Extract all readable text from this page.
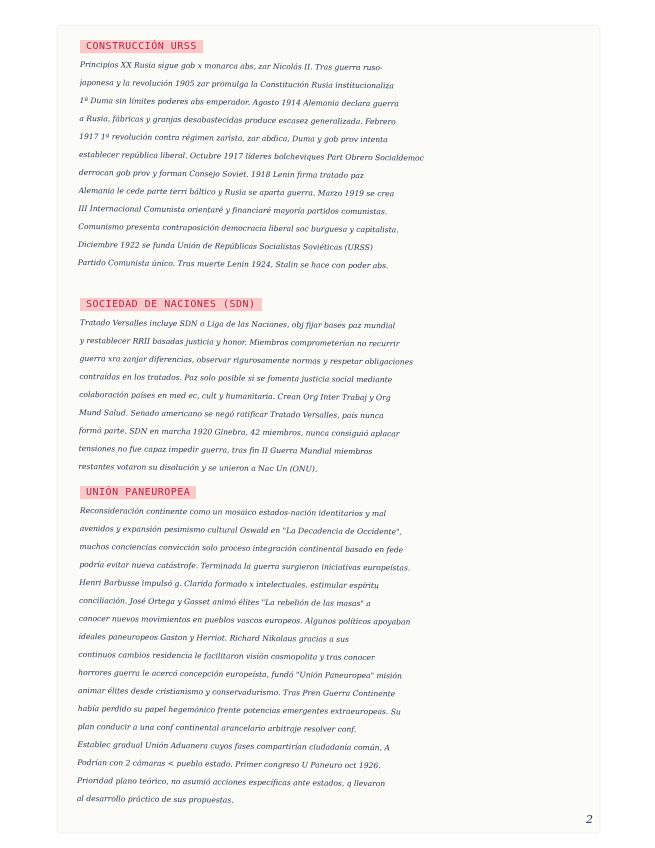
CONSTRUCCIÓN URSS
Principios XX Rusia sigue gob x monarca abs, zar Nicolás II. Tras guerra ruso-
japonesa y la revolución 1905 zar promulga la Constitución Rusia institucionaliza
1ª Duma sin límites poderes abs emperador. Agosto 1914 Alemania declara guerra
a Rusia, fábricas y granjas desabastecidas produce escasez generalizada. Febrero
1917 1ª revolución contra régimen zarista, zar abdica, Duma y gob prov intenta
establecer república liberal. Octubre 1917 líderes bolcheviques Part Obrero Socialdemoc
derrocan gob prov y forman Consejo Soviet. 1918 Lenin firma tratado paz
Alemania le cede parte terri báltico y Rusia se aparta guerra. Marzo 1919 se crea
III Internacional Comunista orientaré y financiaré mayoría partidos comunistas.
Comunismo presenta contraposición democracia liberal soc burguesa y capitalista.
Diciembre 1922 se funda Unión de Repúblicas Socialistas Soviéticas (URSS)
Partido Comunista único. Tras muerte Lenin 1924, Stalin se hace con poder abs.
SOCIEDAD DE NACIONES (SDN)
Tratado Versalles incluye SDN o Liga de las Naciones, obj fijar bases paz mundial
y restablecer RRII basadas justicia y honor. Miembros comprometerían no recurrir
guerra xra zanjar diferencias, observar rigurosamente normas y respetar obligaciones
contraídas en los tratados. Paz solo posible si se fomenta justicia social mediante
colaboración países en med ec, cult y humanitaria. Crean Org Inter Trabaj y Org
Mund Salud. Senado americano se negó ratificar Tratado Versalles, país nunca
formó parte. SDN en marcha 1920 Ginebra, 42 miembros, nunca consiguió aplacar
tensiones no fue capaz impedir guerra, tras fin II Guerra Mundial miembros
restantes votaron su disolución y se unieron a Nac Un (ONU).
UNIÓN PANEUROPEA
Reconsideración continente como un mosaico estados-nación identitarios y mal
avenidos y expansión pesimismo cultural Oswald en "La Decadencia de Occidente",
muchos conciencias convicción solo proceso integración continental basado en fede
podría evitar nueva catástrofe. Terminada la guerra surgieron iniciativas europeístas.
Henri Barbusse impulsó g. Clarida formado x intelectuales, estimular espíritu
conciliación. José Ortega y Gasset animó élites "La rebelión de las masas" a
conocer nuevos movimientos en pueblos vascos europeos. Algunos políticos apoyaban
ideales paneuropeos Gaston y Herriot. Richard Nikolaus gracias a sus
continuos cambios residencia le facilitaron visión cosmopolita y tras conocer
horrores guerra le acercó concepción europeísta, fundó "Unión Paneuropea" misión
animar élites desde cristianismo y conservadurismo. Tras Pren Guerra Continente
había perdido su papel hegemónico frente potencias emergentes extraeuropeas. Su
plan conducir a una conf continental arancelario arbitraje resolver conf.
Establec gradual Unión Aduanera cuyos fases compartirían ciudadanía común, A
Podrían con 2 cámaras < pueblo estado. Primer congreso U Paneuro oct 1926.
Prioridad plano teórico, no asumió acciones específicas ante estados, q llevaron
al desarrollo práctico de sus propuestas.
2
